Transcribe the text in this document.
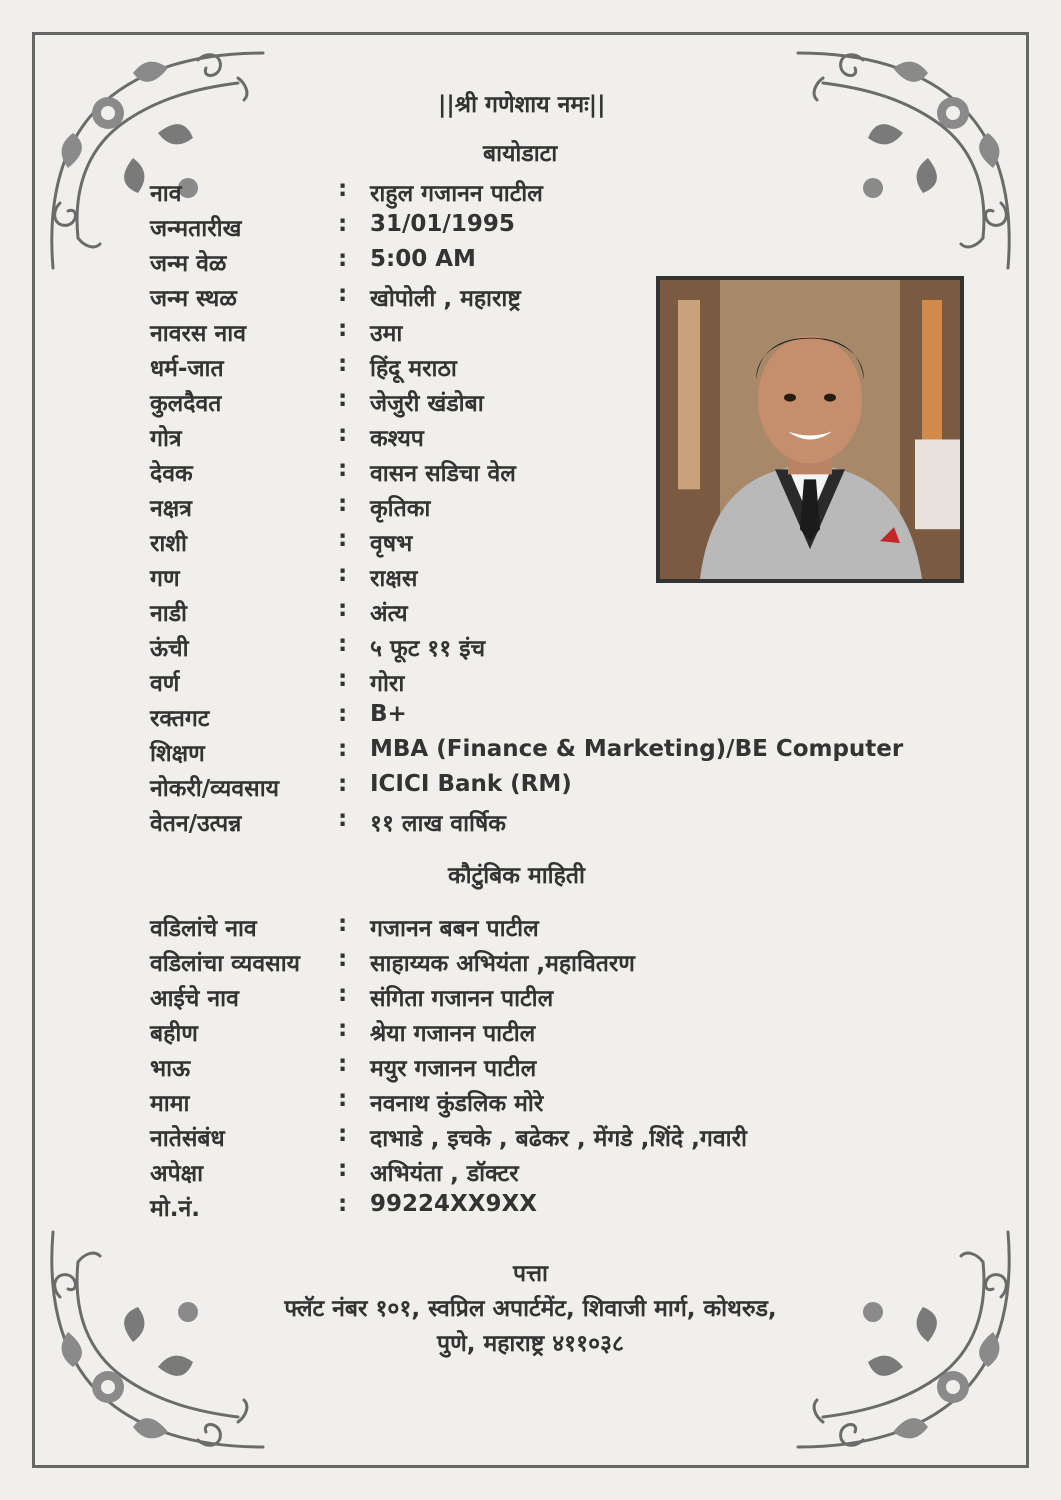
||श्री गणेशाय नमः||
बायोडाटा
नाव	: राहुल गजानन पाटील
जन्मतारीख	: 31/01/1995
जन्म वेळ	: 5:00 AM
जन्म स्थळ	: खोपोली , महाराष्ट्र
नावरस नाव	: उमा
धर्म-जात	: हिंदू मराठा
कुलदैवत	: जेजुरी खंडोबा
गोत्र	: कश्यप
देवक	: वासन सडिचा वेल
नक्षत्र	: कृतिका
राशी	: वृषभ
गण	: राक्षस
नाडी	: अंत्य
ऊंची	: ५ फूट ११ इंच
वर्ण	: गोरा
रक्तगट	: B+
शिक्षण	: MBA (Finance & Marketing)/BE Computer
नोकरी/व्यवसाय	: ICICI Bank (RM)
वेतन/उत्पन्न	: ११ लाख वार्षिक
कौटुंबिक माहिती
वडिलांचे नाव	: गजानन बबन पाटील
वडिलांचा व्यवसाय : साहाय्यक अभियंता ,महावितरण
आईचे नाव	: संगिता गजानन पाटील
बहीण	: श्रेया गजानन पाटील
भाऊ	: मयुर गजानन पाटील
मामा	: नवनाथ कुंडलिक मोरे
नातेसंबंध	: दाभाडे , इचके , बढेकर , मेंगडे ,शिंदे ,गवारी
अपेक्षा	: अभियंता , डॉक्टर
मो.नं.	: 99224XX9XX
पत्ता
फ्लॅट नंबर १०१, स्वप्रिल अपार्टमेंट, शिवाजी मार्ग, कोथरुड,
पुणे, महाराष्ट्र ४११०३८
